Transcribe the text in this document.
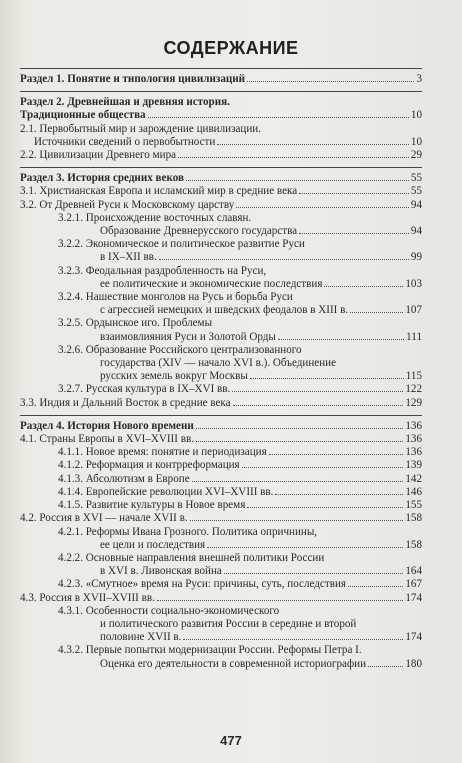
СОДЕРЖАНИЕ
Раздел 1. Понятие и типология цивилизаций	3
Раздел 2. Древнейшая и древняя история.
Традиционные общества	10
2.1. Первобытный мир и зарождение цивилизации.
Источники сведений о первобытности	10
2.2. Цивилизации Древнего мира	29
Раздел 3. История средних веков	55
3.1. Христианская Европа и исламский мир в средние века	55
3.2. От Древней Руси к Московскому царству	94
3.2.1. Происхождение восточных славян.
Образование Древнерусского государства	94
3.2.2. Экономическое и политическое развитие Руси
в IX–XII вв.	99
3.2.3. Феодальная раздробленность на Руси,
ее политические и экономические последствия	103
3.2.4. Нашествие монголов на Русь и борьба Руси
с агрессией немецких и шведских феодалов в XIII в.	107
3.2.5. Ордынское иго. Проблемы
взаимовлияния Руси и Золотой Орды	111
3.2.6. Образование Российского централизованного
государства (XIV — начало XVI в.). Объединение
русских земель вокруг Москвы	115
3.2.7. Русская культура в IX–XVI вв.	122
3.3. Индия и Дальний Восток в средние века	129
Раздел 4. История Нового времени	136
4.1. Страны Европы в XVI–XVIII вв.	136
4.1.1. Новое время: понятие и периодизация	136
4.1.2. Реформация и контрреформация	139
4.1.3. Абсолютизм в Европе	142
4.1.4. Европейские революции XVI–XVIII вв.	146
4.1.5. Развитие культуры в Новое время	155
4.2. Россия в XVI — начале XVII в.	158
4.2.1. Реформы Ивана Грозного. Политика опричнины,
ее цели и последствия	158
4.2.2. Основные направления внешней политики России
в XVI в. Ливонская война	164
4.2.3. «Смутное» время на Руси: причины, суть, последствия	167
4.3. Россия в XVII–XVIII вв.	174
4.3.1. Особенности социально-экономического
и политического развития России в середине и второй
половине XVII в.	174
4.3.2. Первые попытки модернизации России. Реформы Петра I.
Оценка его деятельности в современной историографии	180
477
